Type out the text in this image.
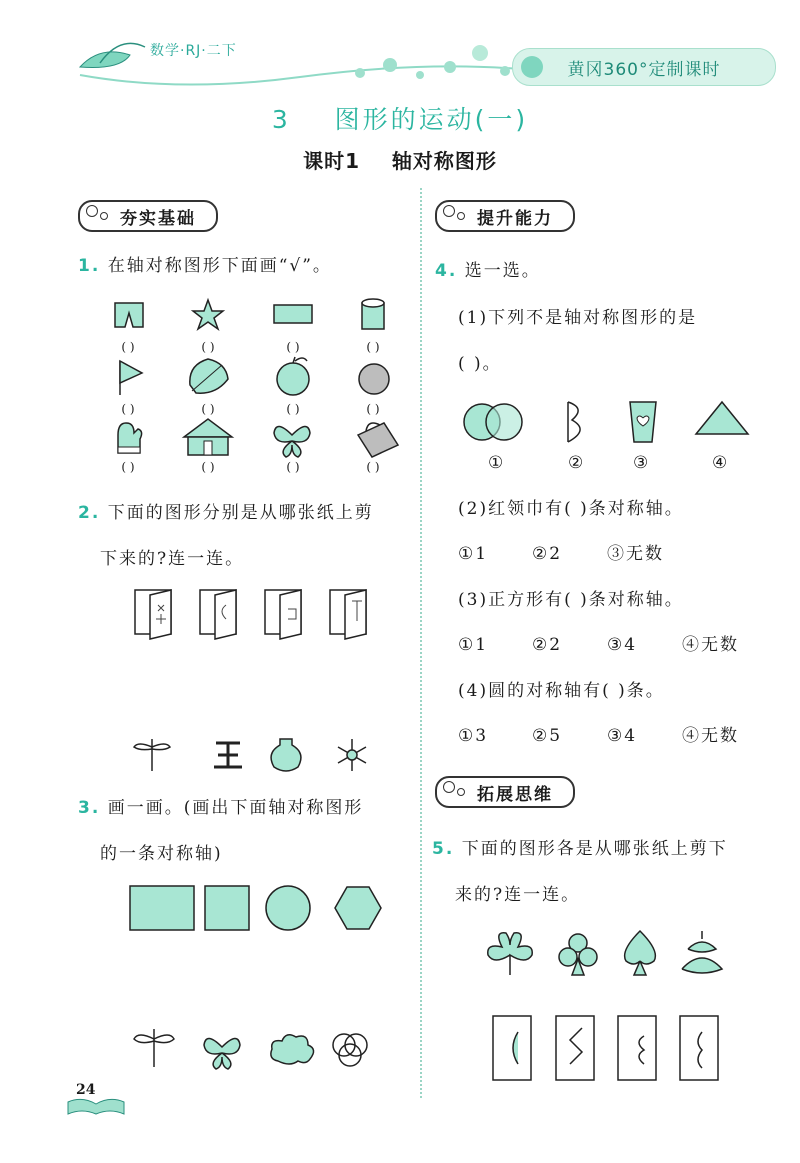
数学·RJ·二下
黄冈360°定制课时
3 图形的运动(一)
课时1 轴对称图形
夯实基础
1. 在轴对称图形下面画“√”。
( )	( )	( )	( )
( )	( )	( )	( )
( )	( )	( )	( )
2. 下面的图形分别是从哪张纸上剪
下来的?连一连。
3. 画一画。(画出下面轴对称图形
的一条对称轴)
24
提升能力
4. 选一选。
(1)下列不是轴对称图形的是
( )。
①	②	③	④
(2)红领巾有( )条对称轴。
①1	②2	③无数
(3)正方形有( )条对称轴。
①1	②2	③4	④无数
(4)圆的对称轴有( )条。
①3	②5	③4	④无数
拓展思维
5. 下面的图形各是从哪张纸上剪下
来的?连一连。
